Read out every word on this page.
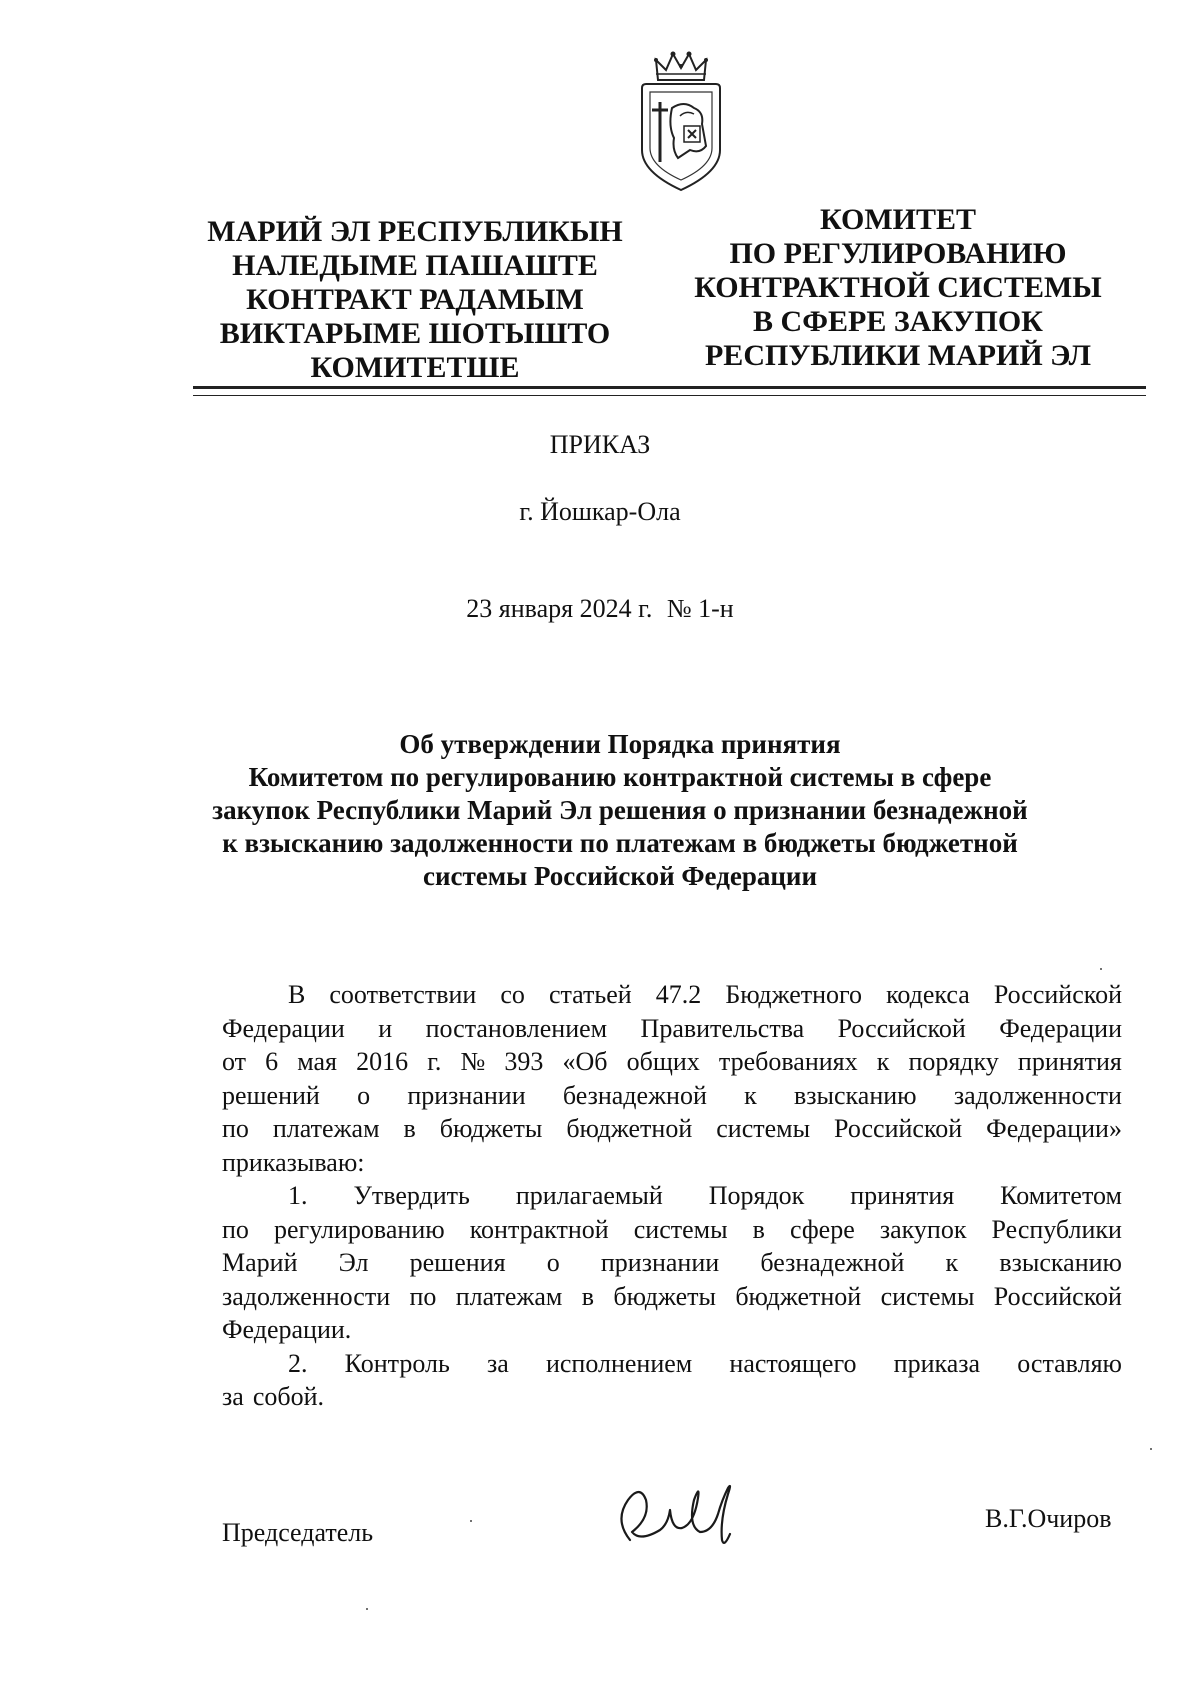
МАРИЙ ЭЛ РЕСПУБЛИКЫН
НАЛЕДЫМЕ ПАШАШТЕ
КОНТРАКТ РАДАМЫМ
ВИКТАРЫМЕ ШОТЫШТО
КОМИТЕТШЕ
КОМИТЕТ
ПО РЕГУЛИРОВАНИЮ
КОНТРАКТНОЙ СИСТЕМЫ
В СФЕРЕ ЗАКУПОК
РЕСПУБЛИКИ МАРИЙ ЭЛ
ПРИКАЗ
г. Йошкар-Ола
23 января 2024 г. № 1-н
Об утверждении Порядка принятия
Комитетом по регулированию контрактной системы в сфере
закупок Республики Марий Эл решения о признании безнадежной
к взысканию задолженности по платежам в бюджеты бюджетной
системы Российской Федерации
В соответствии со статьей 47.2 Бюджетного кодекса Российской
Федерации и постановлением Правительства Российской Федерации
от 6 мая 2016 г. № 393 «Об общих требованиях к порядку принятия
решений о признании безнадежной к взысканию задолженности
по платежам в бюджеты бюджетной системы Российской Федерации»
приказываю:
1. Утвердить прилагаемый Порядок принятия Комитетом
по регулированию контрактной системы в сфере закупок Республики
Марий Эл решения о признании безнадежной к взысканию
задолженности по платежам в бюджеты бюджетной системы Российской
Федерации.
2. Контроль за исполнением настоящего приказа оставляю
за собой.
Председатель	В.Г.Очиров
